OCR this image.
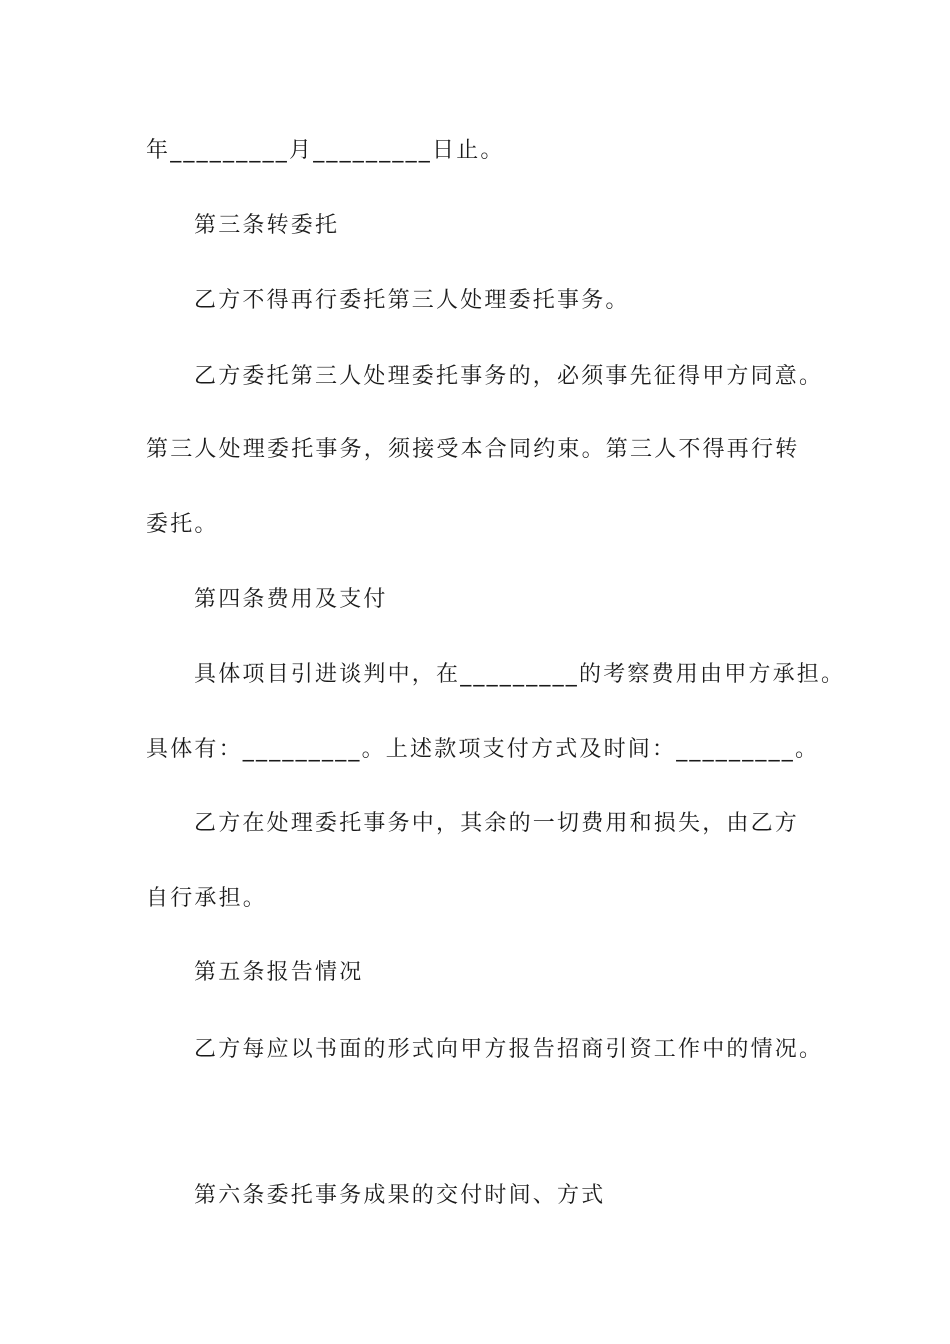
年_________月_________日止。
第三条转委托
乙方不得再行委托第三人处理委托事务。
乙方委托第三人处理委托事务的，必须事先征得甲方同意。
第三人处理委托事务，须接受本合同约束。第三人不得再行转
委托。
第四条费用及支付
具体项目引进谈判中，在_________的考察费用由甲方承担。
具体有：_________。上述款项支付方式及时间：_________。
乙方在处理委托事务中，其余的一切费用和损失，由乙方
自行承担。
第五条报告情况
乙方每应以书面的形式向甲方报告招商引资工作中的情况。
第六条委托事务成果的交付时间、方式
